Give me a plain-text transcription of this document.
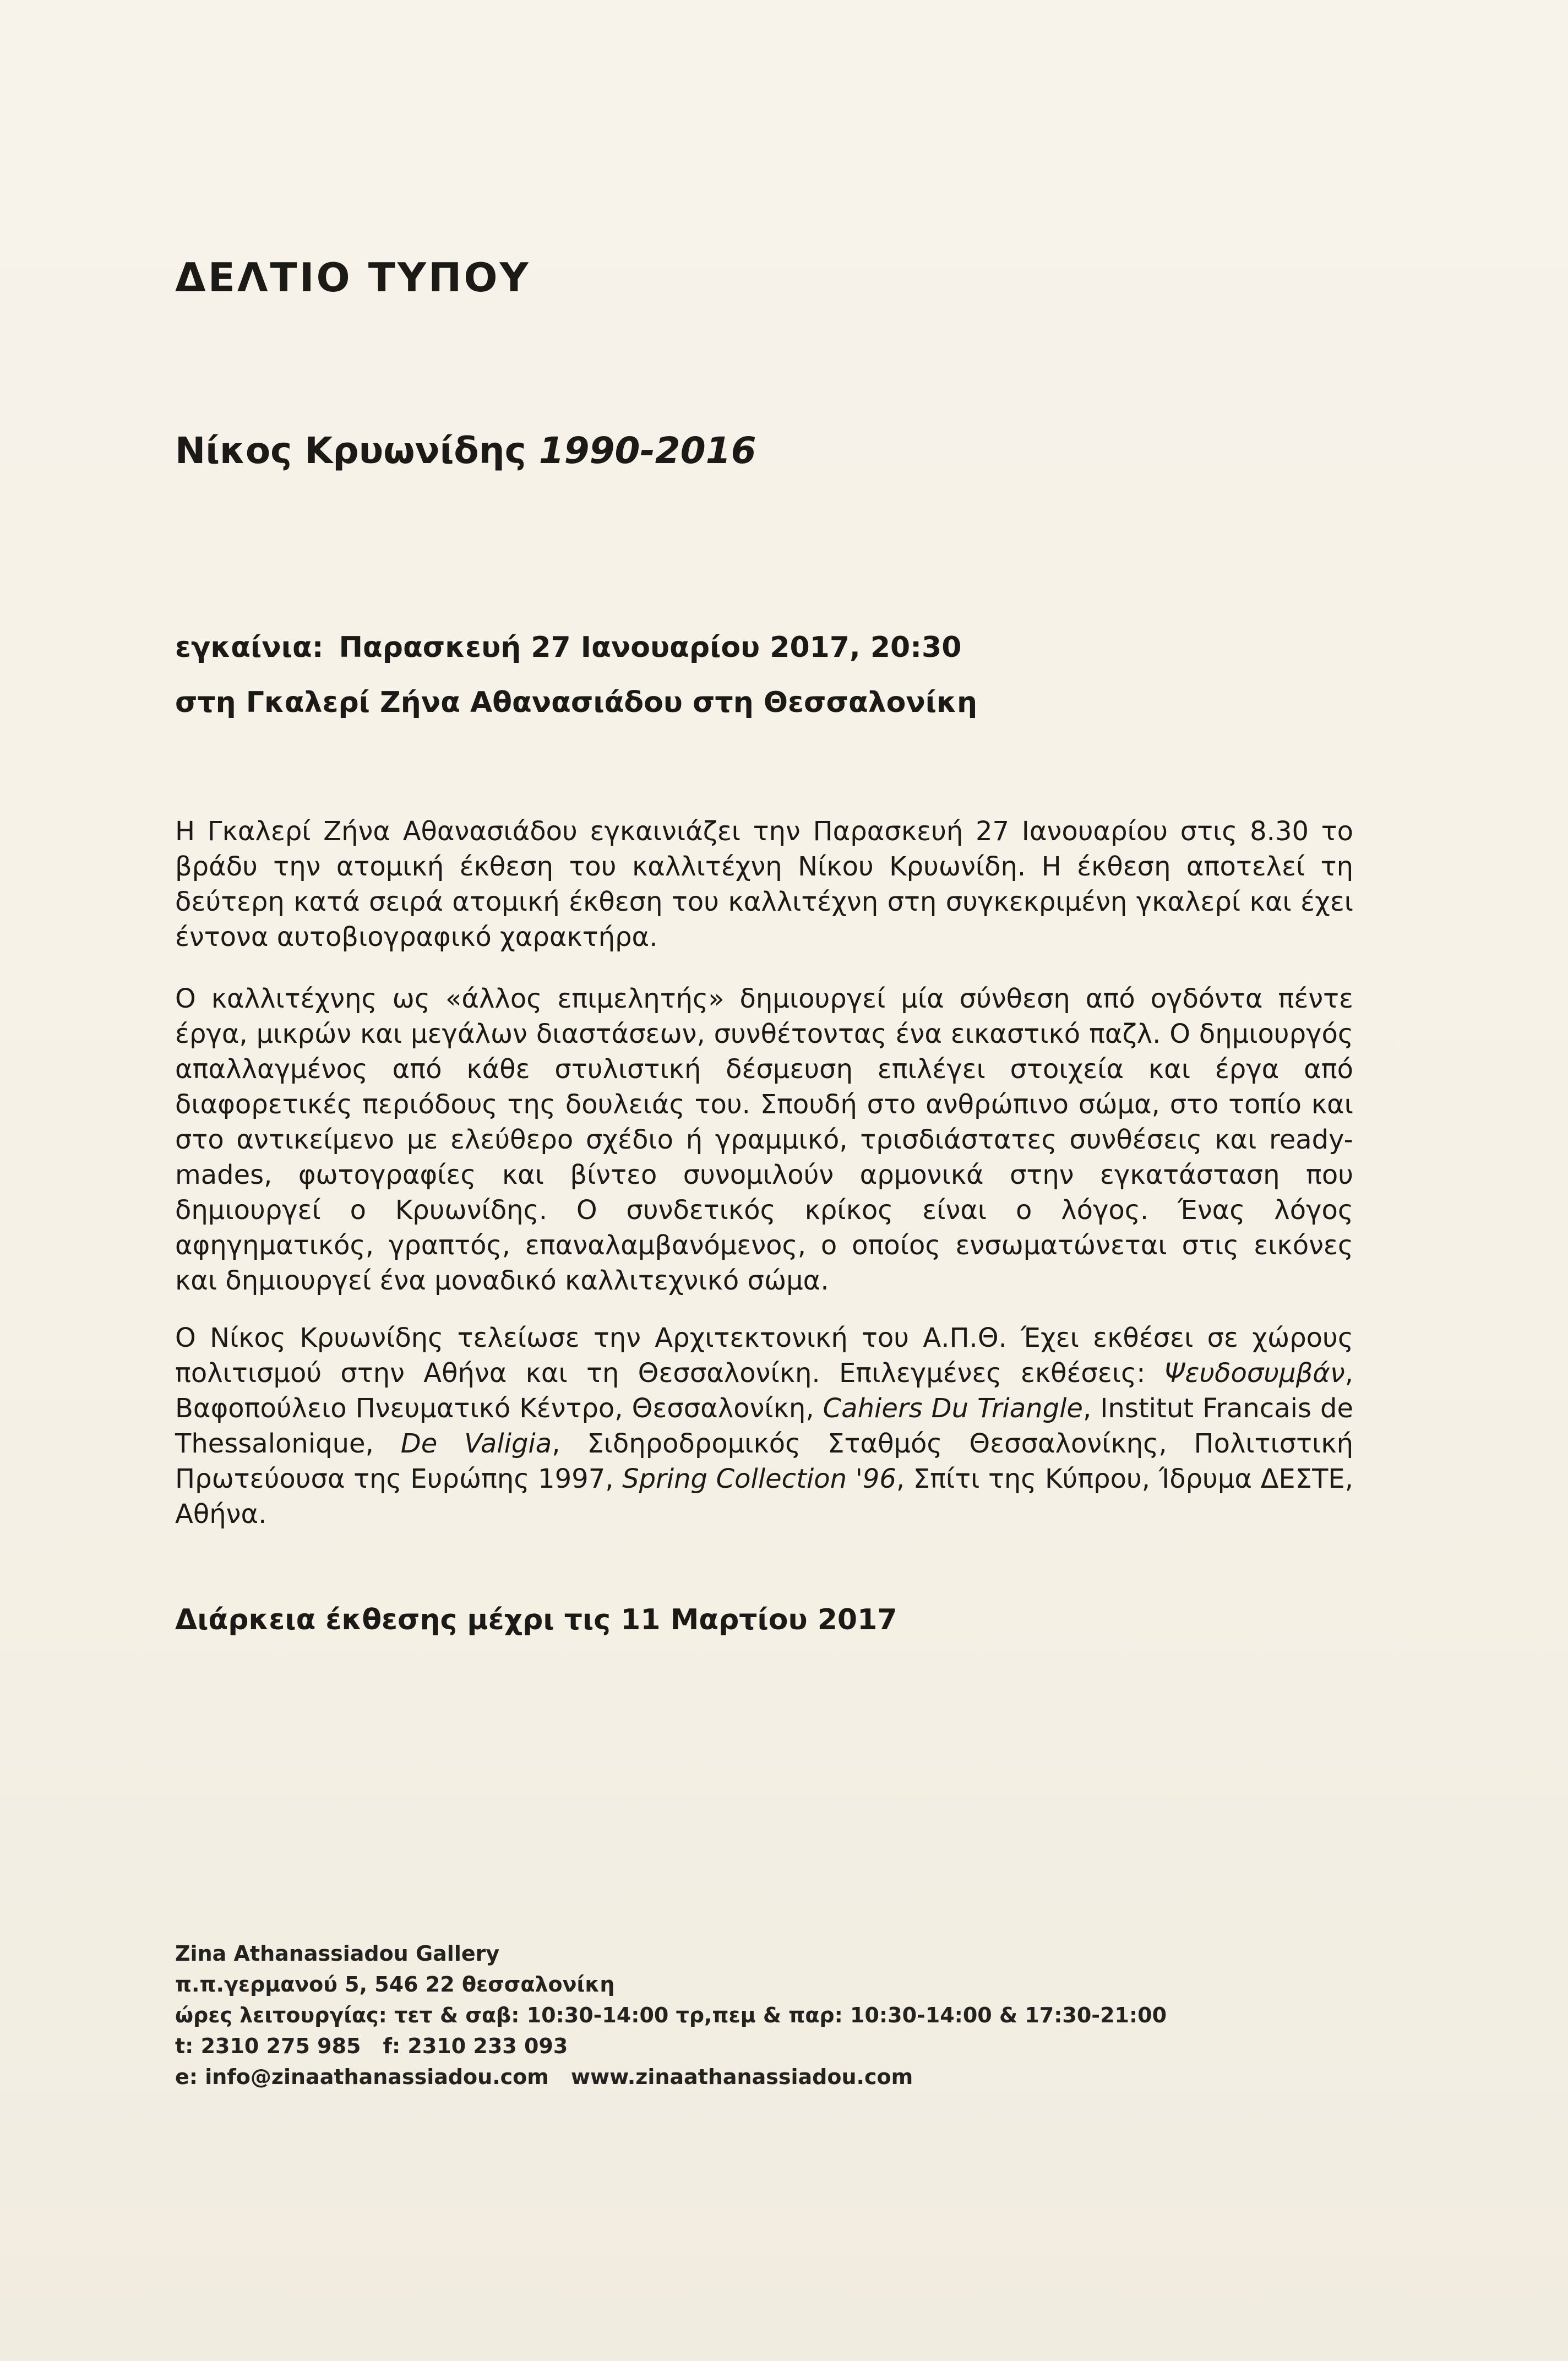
ΔΕΛΤΙΟ ΤΥΠΟΥ
Νίκος Κρυωνίδης 1990-2016
εγκαίνια: Παρασκευή 27 Ιανουαρίου 2017, 20:30
στη Γκαλερί Ζήνα Αθανασιάδου στη Θεσσαλονίκη

Η Γκαλερί Ζήνα Αθανασιάδου εγκαινιάζει την Παρασκευή 27 Ιανουαρίου στις 8.30 το βράδυ την ατομική έκθεση του καλλιτέχνη Νίκου Κρυωνίδη. Η έκθεση αποτελεί τη δεύτερη κατά σειρά ατομική έκθεση του καλλιτέχνη στη συγκεκριμένη γκαλερί και έχει έντονα αυτοβιογραφικό χαρακτήρα.

Ο καλλιτέχνης ως «άλλος επιμελητής» δημιουργεί μία σύνθεση από ογδόντα πέντε έργα, μικρών και μεγάλων διαστάσεων, συνθέτοντας ένα εικαστικό παζλ. Ο δημιουργός απαλλαγμένος από κάθε στυλιστική δέσμευση επιλέγει στοιχεία και έργα από διαφορετικές περιόδους της δουλειάς του. Σπουδή στο ανθρώπινο σώμα, στο τοπίο και στο αντικείμενο με ελεύθερο σχέδιο ή γραμμικό, τρισδιάστατες συνθέσεις και ready-mades, φωτογραφίες και βίντεο συνομιλούν αρμονικά στην εγκατάσταση που δημιουργεί ο Κρυωνίδης. Ο συνδετικός κρίκος είναι ο λόγος. Ένας λόγος αφηγηματικός, γραπτός, επαναλαμβανόμενος, ο οποίος ενσωματώνεται στις εικόνες και δημιουργεί ένα μοναδικό καλλιτεχνικό σώμα.

Ο Νίκος Κρυωνίδης τελείωσε την Αρχιτεκτονική του Α.Π.Θ. Έχει εκθέσει σε χώρους πολιτισμού στην Αθήνα και τη Θεσσαλονίκη. Επιλεγμένες εκθέσεις: Ψευδοσυμβάν, Βαφοπούλειο Πνευματικό Κέντρο, Θεσσαλονίκη, Cahiers Du Triangle, Institut Francais de Thessalonique, De Valigia, Σιδηροδρομικός Σταθμός Θεσσαλονίκης, Πολιτιστική Πρωτεύουσα της Ευρώπης 1997, Spring Collection '96, Σπίτι της Κύπρου, Ίδρυμα ΔΕΣΤΕ, Αθήνα.

Διάρκεια έκθεσης μέχρι τις 11 Μαρτίου 2017

Zina Athanassiadou Gallery
π.π.γερμανού 5, 546 22 θεσσαλονίκη
ώρες λειτουργίας: τετ & σαβ: 10:30-14:00 τρ,πεμ & παρ: 10:30-14:00 & 17:30-21:00
t: 2310 275 985 f: 2310 233 093
e: info@zinaathanassiadou.com www.zinaathanassiadou.com
